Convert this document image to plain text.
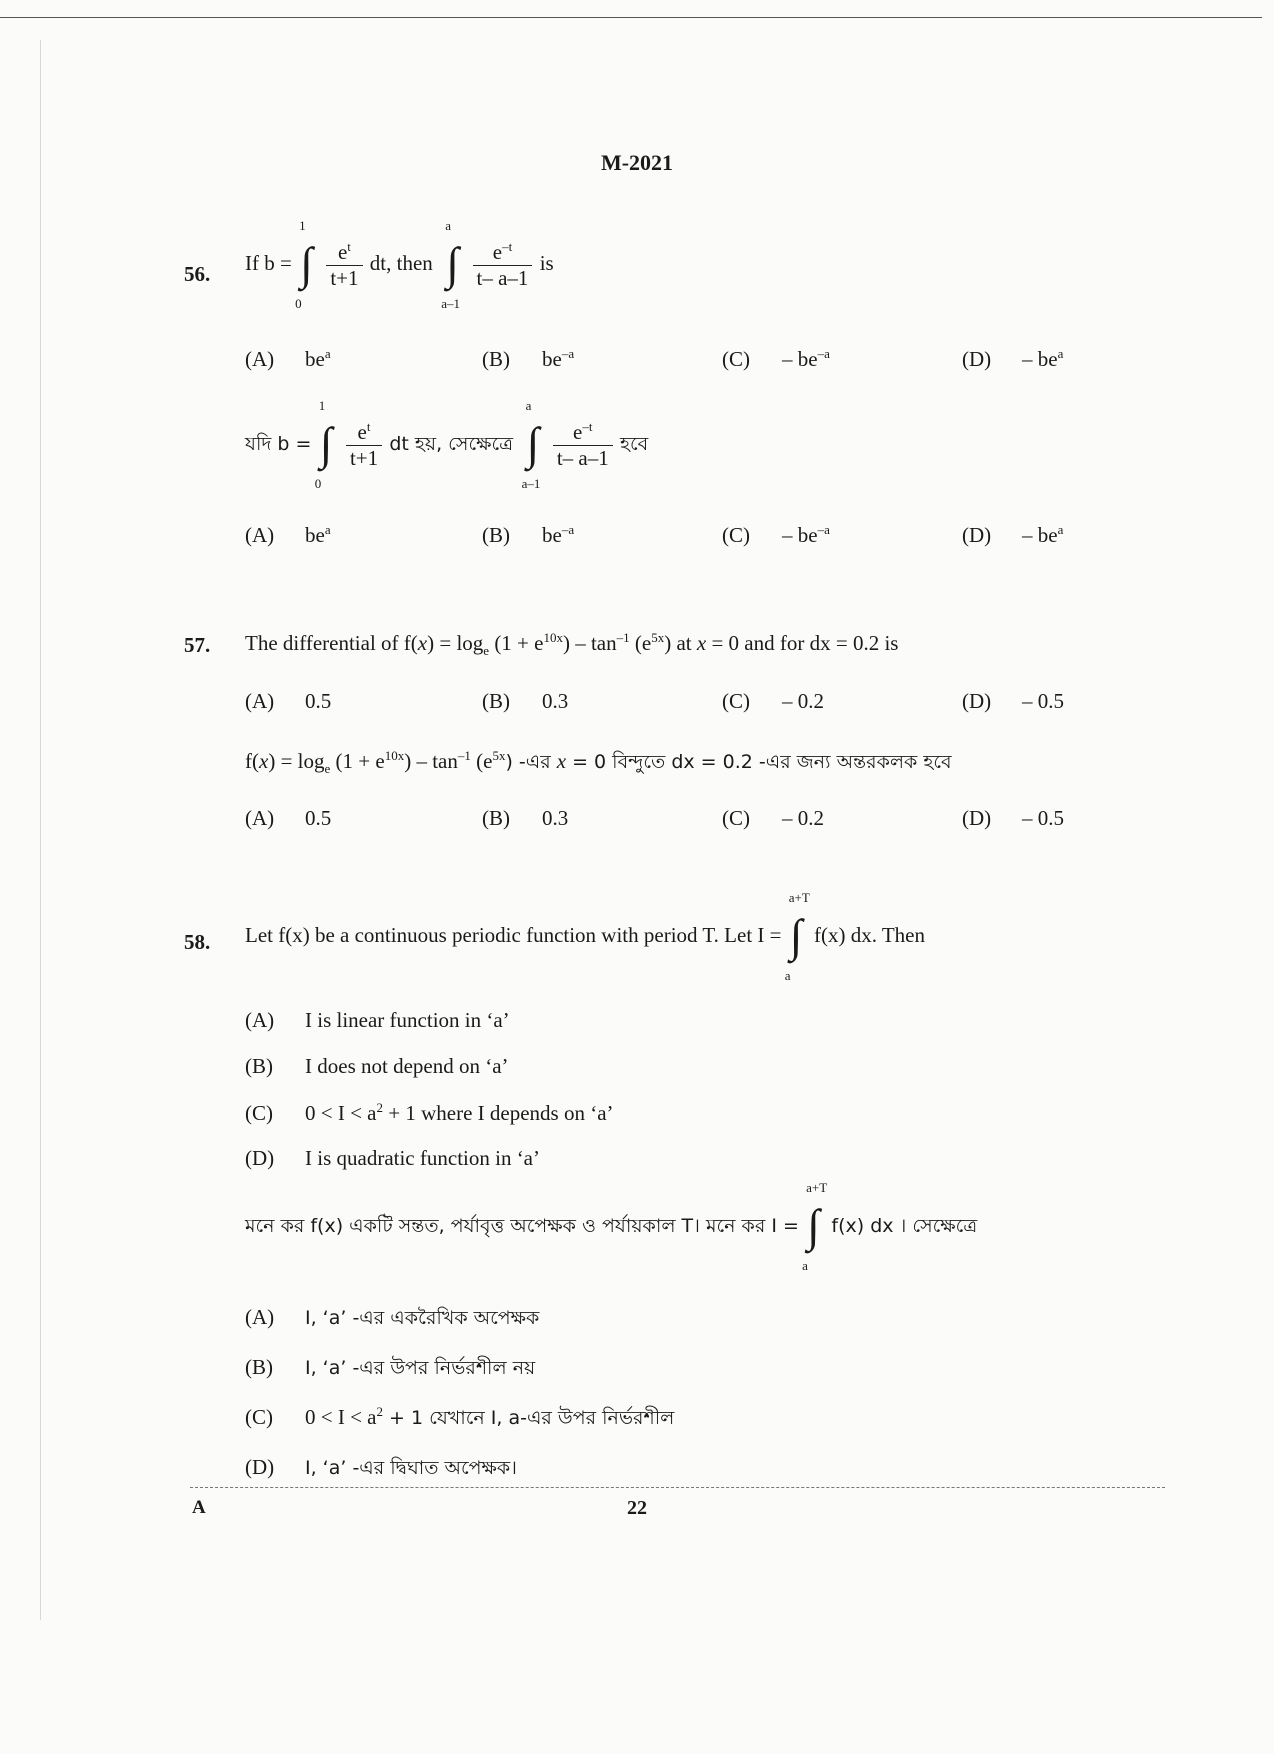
M-2021
56. If b = ∫
1
0

$\frac{e^t}{t+1}$ dt, then ∫
a
a–1

$\frac{e^{-t}}{t- a-1}$ is
(A) $be^a$	(B) $be^{-a}$	$(C) - be^{-a}$	$(D) - be^a$
যদি b = ∫
1
0

$\frac{e^t}{t+1}$ dt হয়, সেক্ষেত্রে ∫
a
a–1

$\frac{e^{-t}}{t- a-1}$ হবে
(A) $be^a$	(B) $be^{-a}$	$(C) - be^{-a}$	$(D) - be^a$
57. The differential of $f(x) = \log_e (1 + e^{10x}) - \tan^{-1} (e^{5x})$ at x = 0 and for dx = 0.2 is
(A) 0.5	(B) 0.3	(C) – 0.2	(D) – 0.5
$f(x) = \log_e (1 + e^{10x}) - \tan^{-1} (e^{5x})$ -এর x = 0 বিন্দুতে dx = 0.2 -এর জন্য অন্তরকলক হবে
(A) 0.5	(B) 0.3	(C) – 0.2	(D) – 0.5
58. Let f(x) be a continuous periodic function with period T. Let I = ∫
a+T
a
f(x) dx. Then
(A) I is linear function in ‘a’
(B) I does not depend on ‘a’
(C) $0 < I < a^2 + 1$ where I depends on ‘a’
(D) I is quadratic function in ‘a’
মনে কর f(x) একটি সন্তত, পর্যাবৃত্ত অপেক্ষক ও পর্যায়কাল T। মনে কর I = ∫
a+T
a
f(x) dx । সেক্ষেত্রে
(A) I, ‘a’ -এর একরৈখিক অপেক্ষক
(B) I, ‘a’ -এর উপর নির্ভরশীল নয়
(C) $0 < I < a^2 + 1$ যেখানে I, a-এর উপর নির্ভরশীল
(D) I, ‘a’ -এর দ্বিঘাত অপেক্ষক।
A	22
